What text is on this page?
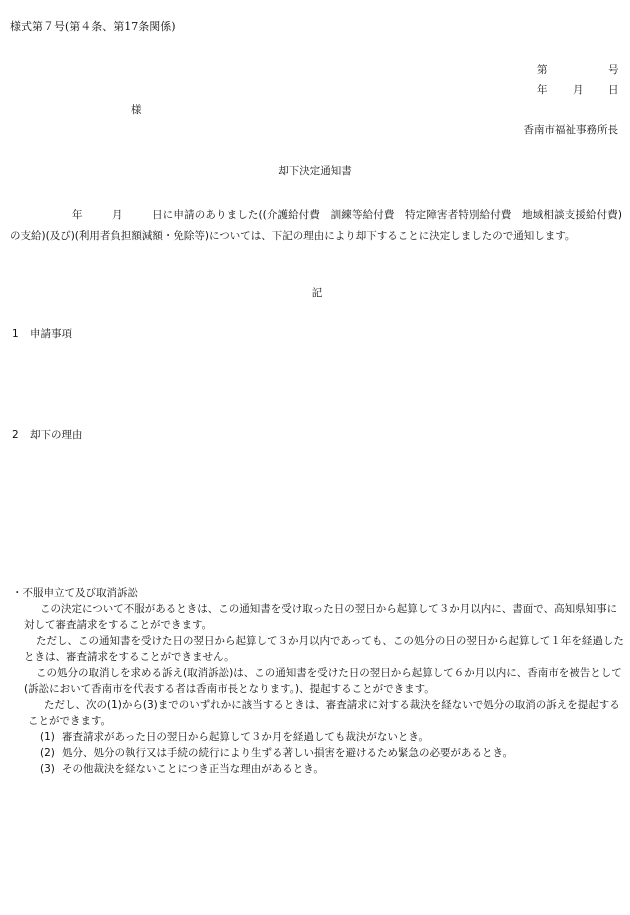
様式第７号(第４条、第17条関係)
第	号
年 月 日
様
香南市福祉事務所長
却下決定通知書
年	月	日に申請のありました((介護給付費　訓練等給付費　特定障害者特別給付費　地域相談支援給付費)の支給)(及び)(利用者負担額減額・免除等)については、下記の理由により却下することに決定しましたので通知します。
記
1 申請事項
2 却下の理由

・不服申立て及び取消訴訟

この決定について不服があるときは、この通知書を受け取った日の翌日から起算して３か月以内に、書面で、高知県知事に対して審査請求をすることができます。

ただし、この通知書を受けた日の翌日から起算して３か月以内であっても、この処分の日の翌日から起算して１年を経過したときは、審査請求をすることができません。

この処分の取消しを求める訴え(取消訴訟)は、この通知書を受けた日の翌日から起算して６か月以内に、香南市を被告として(訴訟において香南市を代表する者は香南市長となります。)、提起することができます。

ただし、次の(1)から(3)までのいずれかに該当するときは、審査請求に対する裁決を経ないで処分の取消の訴えを提起することができます。

(1) 審査請求があった日の翌日から起算して３か月を経過しても裁決がないとき。

(2) 処分、処分の執行又は手続の続行により生ずる著しい損害を避けるため緊急の必要があるとき。

(3) その他裁決を経ないことにつき正当な理由があるとき。
